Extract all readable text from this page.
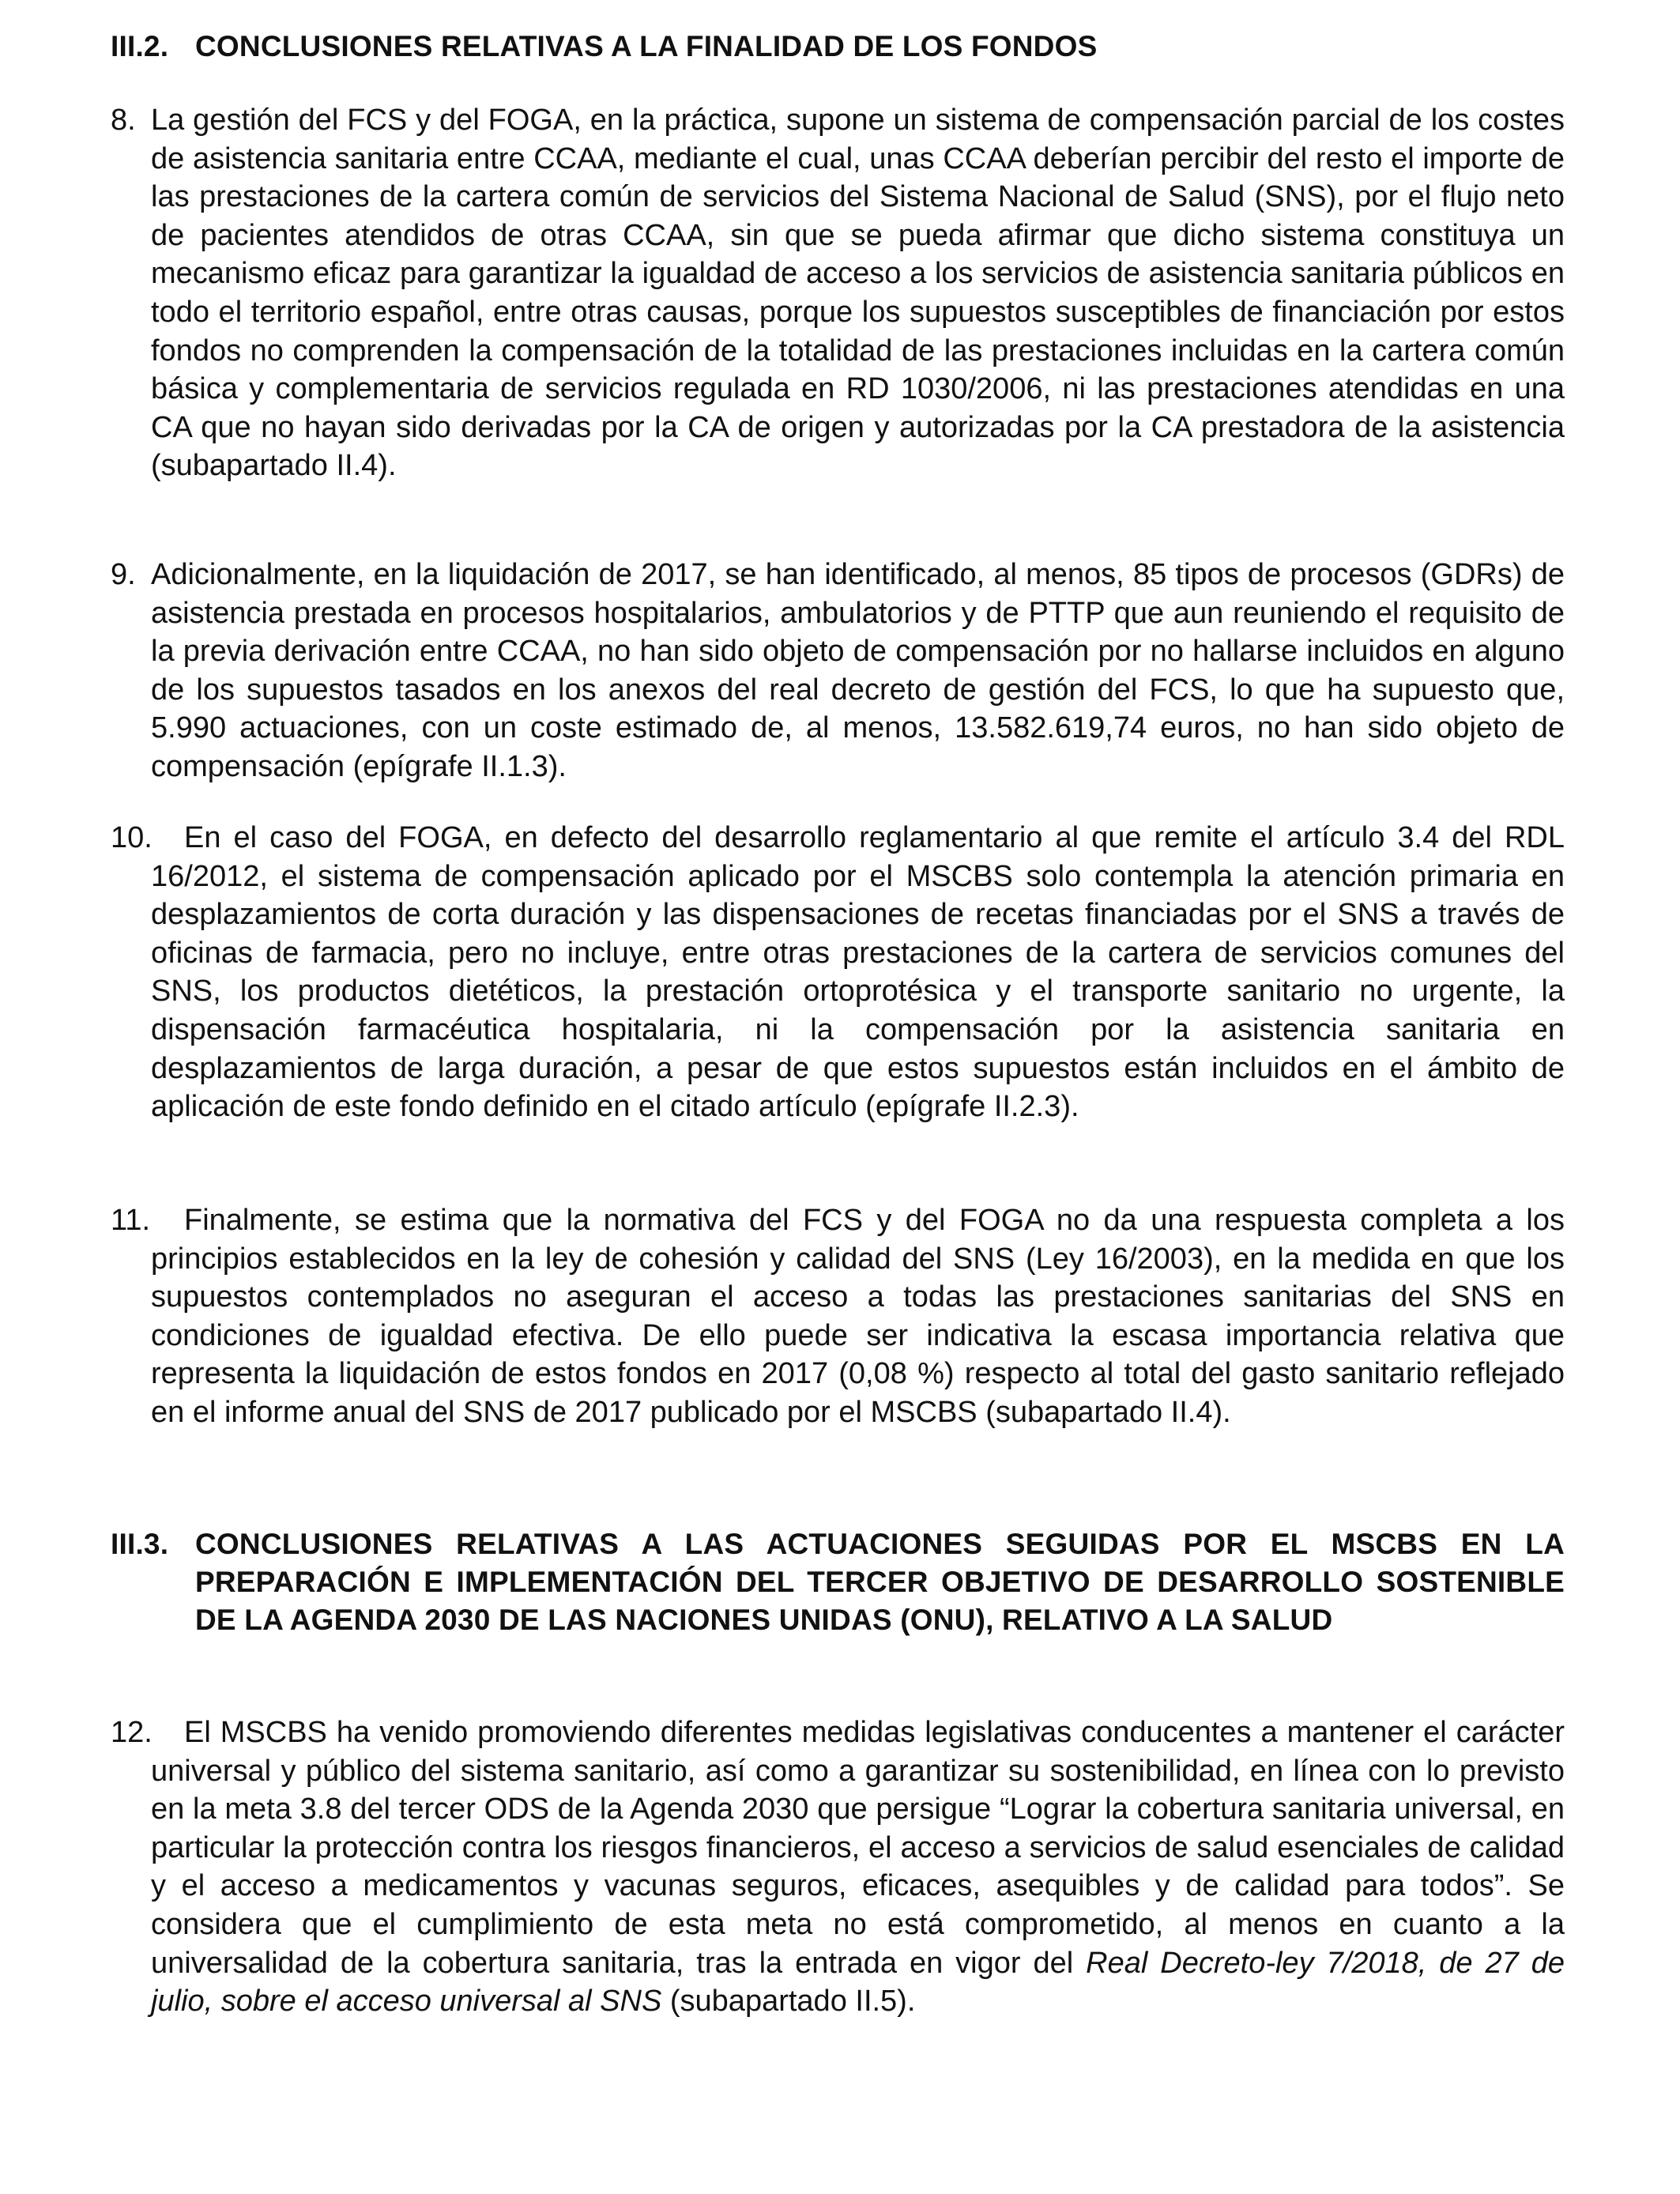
III.2. CONCLUSIONES RELATIVAS A LA FINALIDAD DE LOS FONDOS
8. La gestión del FCS y del FOGA, en la práctica, supone un sistema de compensación parcial de los costes de asistencia sanitaria entre CCAA, mediante el cual, unas CCAA deberían percibir del resto el importe de las prestaciones de la cartera común de servicios del Sistema Nacional de Salud (SNS), por el flujo neto de pacientes atendidos de otras CCAA, sin que se pueda afirmar que dicho sistema constituya un mecanismo eficaz para garantizar la igualdad de acceso a los servicios de asistencia sanitaria públicos en todo el territorio español, entre otras causas, porque los supuestos susceptibles de financiación por estos fondos no comprenden la compensación de la totalidad de las prestaciones incluidas en la cartera común básica y complementaria de servicios regulada en RD 1030/2006, ni las prestaciones atendidas en una CA que no hayan sido derivadas por la CA de origen y autorizadas por la CA prestadora de la asistencia (subapartado II.4).
9. Adicionalmente, en la liquidación de 2017, se han identificado, al menos, 85 tipos de procesos (GDRs) de asistencia prestada en procesos hospitalarios, ambulatorios y de PTTP que aun reuniendo el requisito de la previa derivación entre CCAA, no han sido objeto de compensación por no hallarse incluidos en alguno de los supuestos tasados en los anexos del real decreto de gestión del FCS, lo que ha supuesto que, 5.990 actuaciones, con un coste estimado de, al menos, 13.582.619,74 euros, no han sido objeto de compensación (epígrafe II.1.3).
10.	En el caso del FOGA, en defecto del desarrollo reglamentario al que remite el artículo 3.4 del RDL 16/2012, el sistema de compensación aplicado por el MSCBS solo contempla la atención primaria en desplazamientos de corta duración y las dispensaciones de recetas financiadas por el SNS a través de oficinas de farmacia, pero no incluye, entre otras prestaciones de la cartera de servicios comunes del SNS, los productos dietéticos, la prestación ortoprotésica y el transporte sanitario no urgente, la dispensación farmacéutica hospitalaria, ni la compensación por la asistencia sanitaria en desplazamientos de larga duración, a pesar de que estos supuestos están incluidos en el ámbito de aplicación de este fondo definido en el citado artículo (epígrafe II.2.3).
11.	Finalmente, se estima que la normativa del FCS y del FOGA no da una respuesta completa a los principios establecidos en la ley de cohesión y calidad del SNS (Ley 16/2003), en la medida en que los supuestos contemplados no aseguran el acceso a todas las prestaciones sanitarias del SNS en condiciones de igualdad efectiva. De ello puede ser indicativa la escasa importancia relativa que representa la liquidación de estos fondos en 2017 (0,08 %) respecto al total del gasto sanitario reflejado en el informe anual del SNS de 2017 publicado por el MSCBS (subapartado II.4).
III.3. CONCLUSIONES RELATIVAS A LAS ACTUACIONES SEGUIDAS POR EL MSCBS EN LA PREPARACIÓN E IMPLEMENTACIÓN DEL TERCER OBJETIVO DE DESARROLLO SOSTENIBLE DE LA AGENDA 2030 DE LAS NACIONES UNIDAS (ONU), RELATIVO A LA SALUD
12.	El MSCBS ha venido promoviendo diferentes medidas legislativas conducentes a mantener el carácter universal y público del sistema sanitario, así como a garantizar su sostenibilidad, en línea con lo previsto en la meta 3.8 del tercer ODS de la Agenda 2030 que persigue “Lograr la cobertura sanitaria universal, en particular la protección contra los riesgos financieros, el acceso a servicios de salud esenciales de calidad y el acceso a medicamentos y vacunas seguros, eficaces, asequibles y de calidad para todos”. Se considera que el cumplimiento de esta meta no está comprometido, al menos en cuanto a la universalidad de la cobertura sanitaria, tras la entrada en vigor del Real Decreto-ley 7/2018, de 27 de julio, sobre el acceso universal al SNS (subapartado II.5).
